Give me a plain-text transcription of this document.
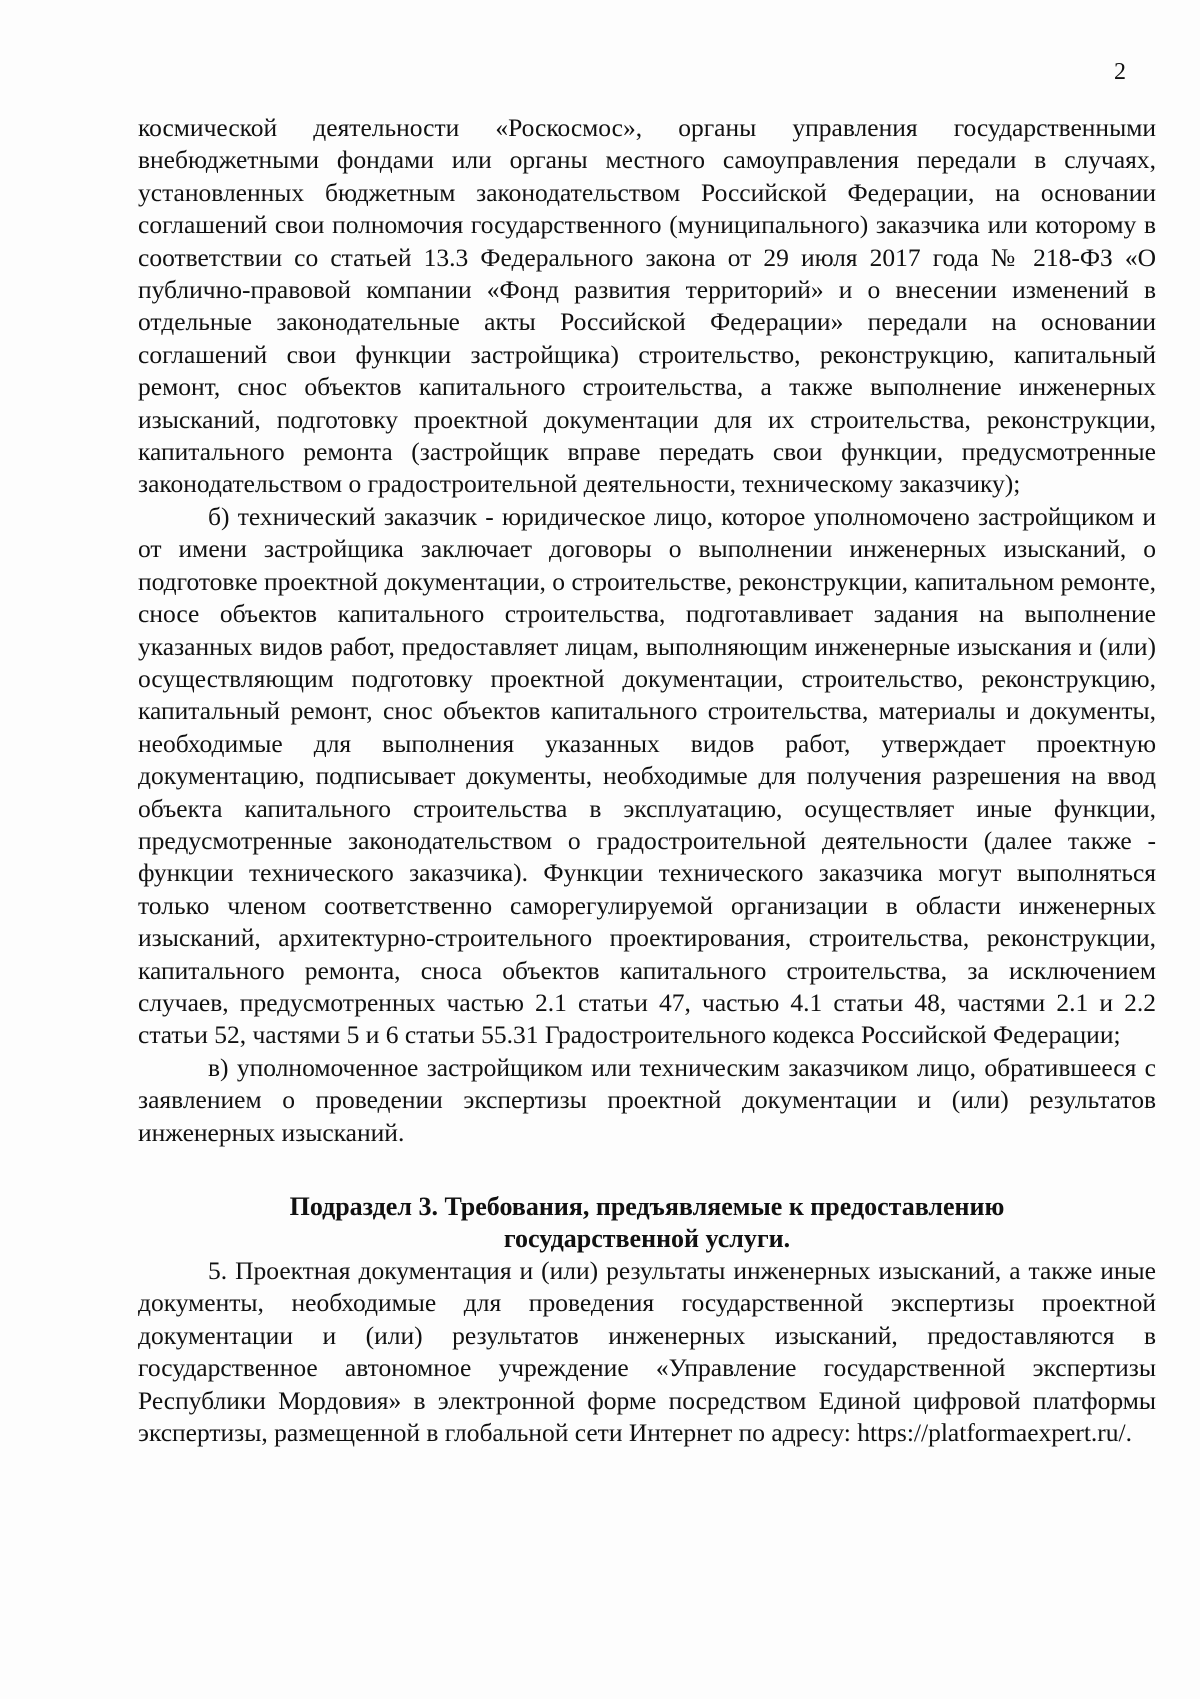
2

космической деятельности «Роскосмос», органы управления государственными внебюджетными фондами или органы местного самоуправления передали в случаях, установленных бюджетным законодательством Российской Федерации, на основании соглашений свои полномочия государственного (муниципального) заказчика или которому в соответствии со статьей 13.3 Федерального закона от 29 июля 2017 года № 218-ФЗ «О публично-правовой компании «Фонд развития территорий» и о внесении изменений в отдельные законодательные акты Российской Федерации» передали на основании соглашений свои функции застройщика) строительство, реконструкцию, капитальный ремонт, снос объектов капитального строительства, а также выполнение инженерных изысканий, подготовку проектной документации для их строительства, реконструкции, капитального ремонта (застройщик вправе передать свои функции, предусмотренные законодательством о градостроительной деятельности, техническому заказчику);

б) технический заказчик - юридическое лицо, которое уполномочено застройщиком и от имени застройщика заключает договоры о выполнении инженерных изысканий, о подготовке проектной документации, о строительстве, реконструкции, капитальном ремонте, сносе объектов капитального строительства, подготавливает задания на выполнение указанных видов работ, предоставляет лицам, выполняющим инженерные изыскания и (или) осуществляющим подготовку проектной документации, строительство, реконструкцию, капитальный ремонт, снос объектов капитального строительства, материалы и документы, необходимые для выполнения указанных видов работ, утверждает проектную документацию, подписывает документы, необходимые для получения разрешения на ввод объекта капитального строительства в эксплуатацию, осуществляет иные функции, предусмотренные законодательством о градостроительной деятельности (далее также - функции технического заказчика). Функции технического заказчика могут выполняться только членом соответственно саморегулируемой организации в области инженерных изысканий, архитектурно-строительного проектирования, строительства, реконструкции, капитального ремонта, сноса объектов капитального строительства, за исключением случаев, предусмотренных частью 2.1 статьи 47, частью 4.1 статьи 48, частями 2.1 и 2.2 статьи 52, частями 5 и 6 статьи 55.31 Градостроительного кодекса Российской Федерации;

в) уполномоченное застройщиком или техническим заказчиком лицо, обратившееся с заявлением о проведении экспертизы проектной документации и (или) результатов инженерных изысканий.

Подраздел 3. Требования, предъявляемые к предоставлению
государственной услуги.

5. Проектная документация и (или) результаты инженерных изысканий, а также иные документы, необходимые для проведения государственной экспертизы проектной документации и (или) результатов инженерных изысканий, предоставляются в государственное автономное учреждение «Управление государственной экспертизы Республики Мордовия» в электронной форме посредством Единой цифровой платформы экспертизы, размещенной в глобальной сети Интернет по адресу: https://platformaexpert.ru/.
